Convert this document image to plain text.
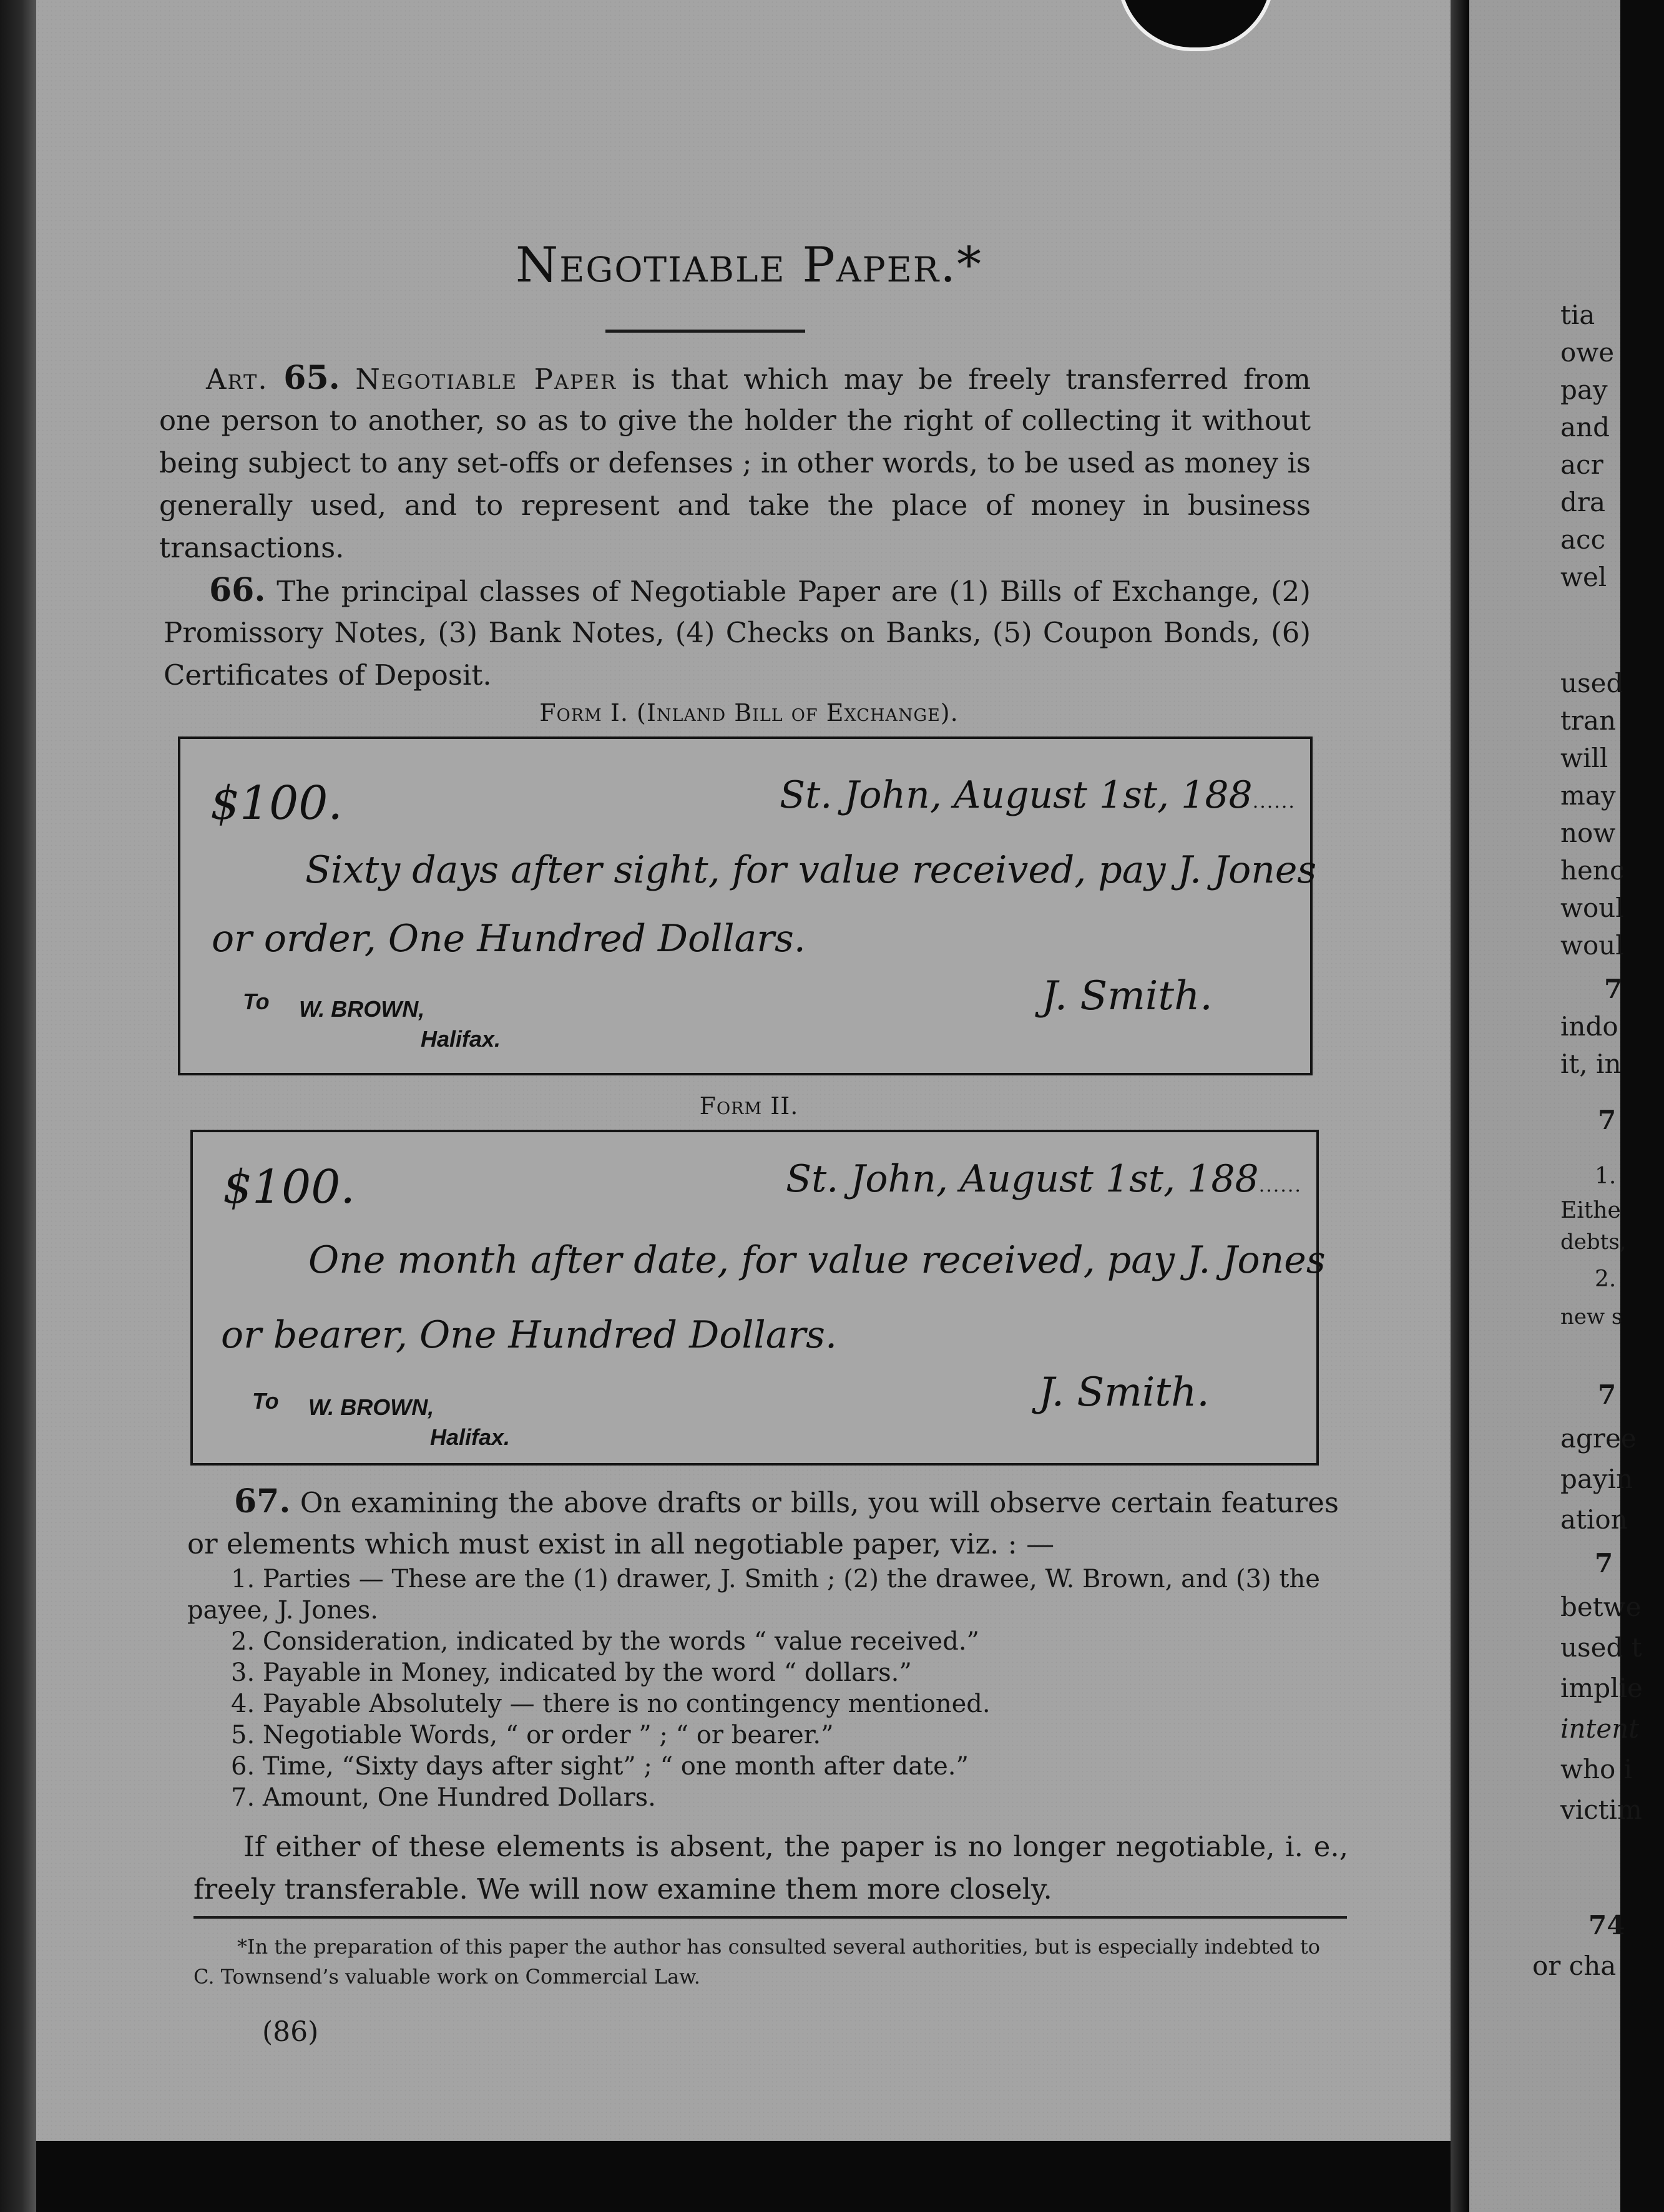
Negotiable Paper.*
Art. 65. Negotiable Paper is that which may be freely transferred from
one person to another, so as to give the holder the right of collecting it without
being subject to any set-offs or defenses ; in other words, to be used as money is
generally used, and to represent and take the place of money in business
transactions.
66. The principal classes of Negotiable Paper are (1) Bills of Exchange, (2)
Promissory Notes, (3) Bank Notes, (4) Checks on Banks, (5) Coupon Bonds, (6)
Certificates of Deposit.
Form I. (Inland Bill of Exchange).
$100.	St. John, August 1st, 188......
Sixty days after sight, for value received, pay J. Jones
or order, One Hundred Dollars.
To W. BROWN,
Halifax.
J. Smith.
Form II.
$100.	St. John, August 1st, 188......
One month after date, for value received, pay J. Jones
or bearer, One Hundred Dollars.
To W. BROWN,
Halifax.
J. Smith.
67. On examining the above drafts or bills, you will observe certain features
or elements which must exist in all negotiable paper, viz. : —
1. Parties — These are the (1) drawer, J. Smith ; (2) the drawee, W. Brown, and (3) the
payee, J. Jones.
2. Consideration, indicated by the words “ value received.”
3. Payable in Money, indicated by the word “ dollars.”
4. Payable Absolutely — there is no contingency mentioned.
5. Negotiable Words, “ or order ” ; “ or bearer.”
6. Time, “Sixty days after sight” ; “ one month after date.”
7. Amount, One Hundred Dollars.
If either of these elements is absent, the paper is no longer negotiable, i. e.,
freely transferable. We will now examine them more closely.
*In the preparation of this paper the author has consulted several authorities, but is especially indebted to
C. Townsend’s valuable work on Commercial Law.
(86)
tia
owe
pay
and
acr
dra
acc
wel
used
tran
will
may
now
henc
woul
woul
7
indo
it, in
7
1.
Eithe
debts,
2.
new s
7
agree
payin
ation
7
betwe
used t
implie
intent
who i
victim
74
or cha
